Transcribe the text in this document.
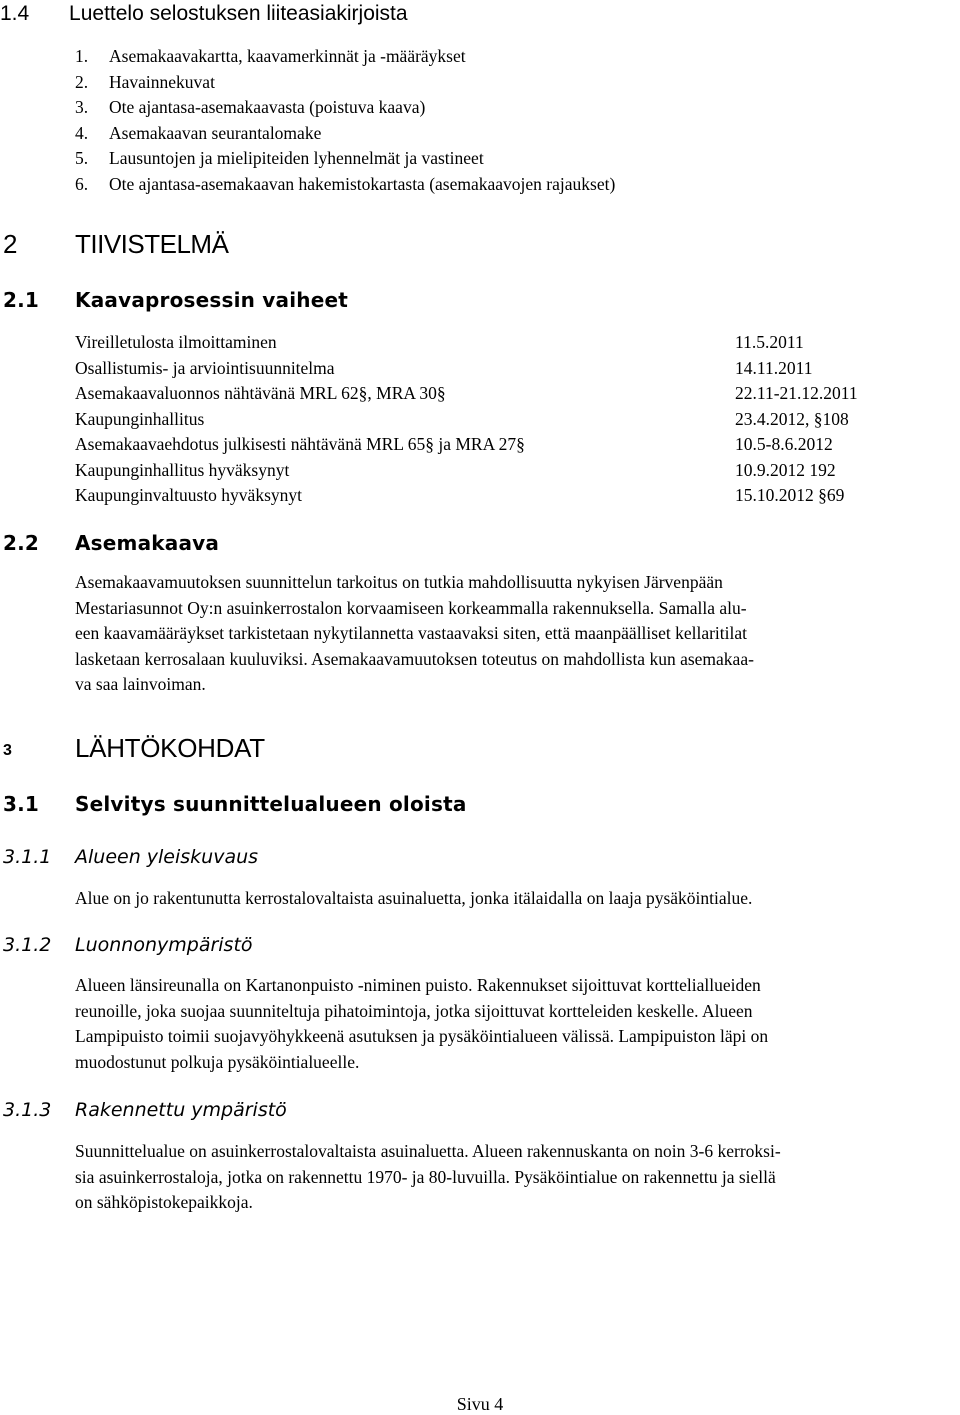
1.4 Luettelo selostuksen liiteasiakirjoista
1. Asemakaavakartta, kaavamerkinnät ja -määräykset
2. Havainnekuvat
3. Ote ajantasa-asemakaavasta (poistuva kaava)
4. Asemakaavan seurantalomake
5. Lausuntojen ja mielipiteiden lyhennelmät ja vastineet
6. Ote ajantasa-asemakaavan hakemistokartasta (asemakaavojen rajaukset)
2 TIIVISTELMÄ
2.1 Kaavaprosessin vaiheet
Vireilletulosta ilmoittaminen	11.5.2011
Osallistumis- ja arviointisuunnitelma	14.11.2011
Asemakaavaluonnos nähtävänä MRL 62§, MRA 30§	22.11-21.12.2011
Kaupunginhallitus	23.4.2012, §108
Asemakaavaehdotus julkisesti nähtävänä MRL 65§ ja MRA 27§	10.5-8.6.2012
Kaupunginhallitus hyväksynyt	10.9.2012 192
Kaupunginvaltuusto hyväksynyt	15.10.2012 §69
2.2 Asemakaava
Asemakaavamuutoksen suunnittelun tarkoitus on tutkia mahdollisuutta nykyisen Järvenpään
Mestariasunnot Oy:n asuinkerrostalon korvaamiseen korkeammalla rakennuksella. Samalla alu-
een kaavamääräykset tarkistetaan nykytilannetta vastaavaksi siten, että maanpäälliset kellaritilat
lasketaan kerrosalaan kuuluviksi. Asemakaavamuutoksen toteutus on mahdollista kun asemakaa-
va saa lainvoiman.
3 LÄHTÖKOHDAT
3.1 Selvitys suunnittelualueen oloista
3.1.1 Alueen yleiskuvaus
Alue on jo rakentunutta kerrostalovaltaista asuinaluetta, jonka itälaidalla on laaja pysäköintialue.
3.1.2 Luonnonympäristö
Alueen länsireunalla on Kartanonpuisto -niminen puisto. Rakennukset sijoittuvat kortteliallueiden
reunoille, joka suojaa suunniteltuja pihatoimintoja, jotka sijoittuvat kortteleiden keskelle. Alueen
Lampipuisto toimii suojavyöhykkeenä asutuksen ja pysäköintialueen välissä. Lampipuiston läpi on
muodostunut polkuja pysäköintialueelle.
3.1.3 Rakennettu ympäristö
Suunnittelualue on asuinkerrostalovaltaista asuinaluetta. Alueen rakennuskanta on noin 3-6 kerroksi-
sia asuinkerrostaloja, jotka on rakennettu 1970- ja 80-luvuilla. Pysäköintialue on rakennettu ja siellä
on sähköpistokepaikkoja.
Sivu 4
